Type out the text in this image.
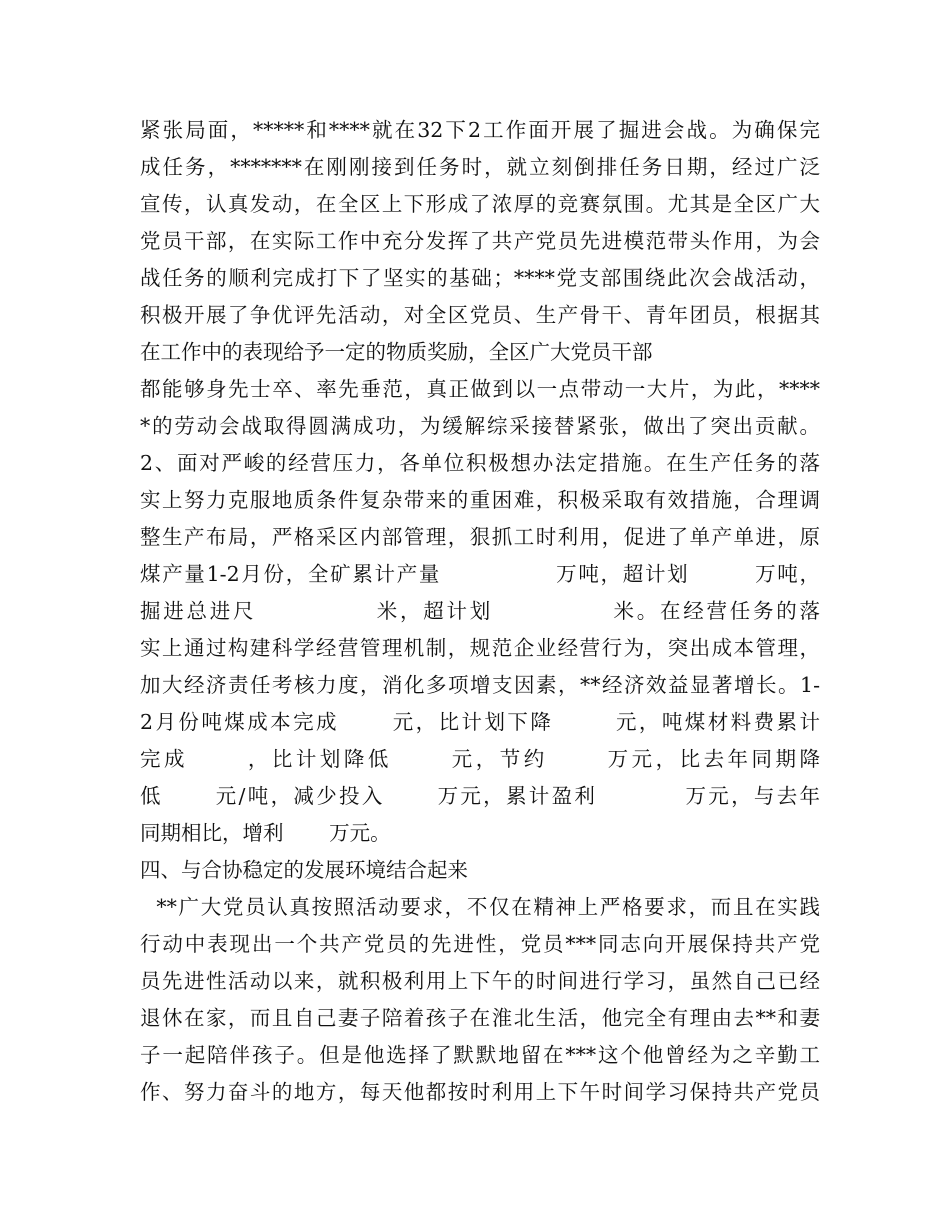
紧张局面，*****和****就在32下2工作面开展了掘进会战。为确保完

成任务，*******在刚刚接到任务时，就立刻倒排任务日期，经过广泛

宣传，认真发动，在全区上下形成了浓厚的竞赛氛围。尤其是全区广大

党员干部，在实际工作中充分发挥了共产党员先进模范带头作用，为会

战任务的顺利完成打下了坚实的基础；****党支部围绕此次会战活动，

积极开展了争优评先活动，对全区党员、生产骨干、青年团员，根据其

在工作中的表现给予一定的物质奖励，全区广大党员干部

都能够身先士卒、率先垂范，真正做到以一点带动一大片，为此，****

*的劳动会战取得圆满成功，为缓解综采接替紧张，做出了突出贡献。

2、面对严峻的经营压力，各单位积极想办法定措施。在生产任务的落

实上努力克服地质条件复杂带来的重困难，积极采取有效措施，合理调

整生产布局，严格采区内部管理，狠抓工时利用，促进了单产单进，原

煤产量1-2月份，全矿累计产量              万吨，超计划        万吨，

掘进总进尺             米，超计划             米。在经营任务的落

实上通过构建科学经营管理机制，规范企业经营行为，突出成本管理，

加大经济责任考核力度，消化多项增支因素，**经济效益显著增长。1-

2月份吨煤成本完成      元，比计划下降       元，吨煤材料费累计

完成      ，比计划降低      元，节约      万元，比去年同期降

低      元/吨，减少投入      万元，累计盈利          万元，与去年

同期相比，增利       万元。

四、与合协稳定的发展环境结合起来

**广大党员认真按照活动要求，不仅在精神上严格要求，而且在实践

行动中表现出一个共产党员的先进性，党员***同志向开展保持共产党

员先进性活动以来，就积极利用上下午的时间进行学习，虽然自己已经

退休在家，而且自己妻子陪着孩子在淮北生活，他完全有理由去**和妻

子一起陪伴孩子。但是他选择了默默地留在***这个他曾经为之辛勤工

作、努力奋斗的地方，每天他都按时利用上下午时间学习保持共产党员
